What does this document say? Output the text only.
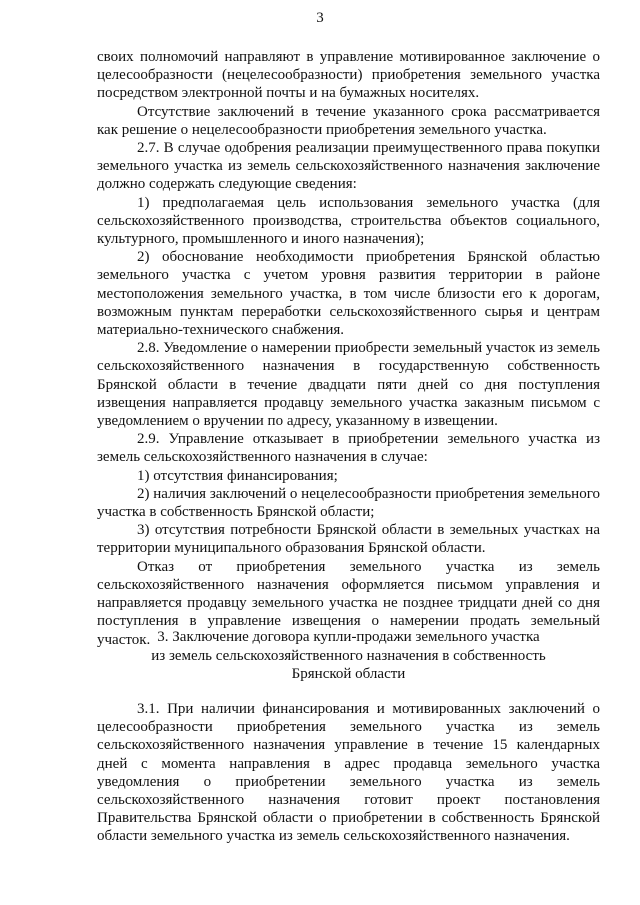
3

своих полномочий направляют в управление мотивированное заключение о целесообразности (нецелесообразности) приобретения земельного участка посредством электронной почты и на бумажных носителях.

Отсутствие заключений в течение указанного срока рассматривается как решение о нецелесообразности приобретения земельного участка.

2.7. В случае одобрения реализации преимущественного права покупки земельного участка из земель сельскохозяйственного назначения заключение должно содержать следующие сведения:

1) предполагаемая цель использования земельного участка (для сельскохозяйственного производства, строительства объектов социального, культурного, промышленного и иного назначения);

2) обоснование необходимости приобретения Брянской областью земельного участка с учетом уровня развития территории в районе местоположения земельного участка, в том числе близости его к дорогам, возможным пунктам переработки сельскохозяйственного сырья и центрам материально-технического снабжения.

2.8. Уведомление о намерении приобрести земельный участок из земель сельскохозяйственного назначения в государственную собственность Брянской области в течение двадцати пяти дней со дня поступления извещения направляется продавцу земельного участка заказным письмом с уведомлением о вручении по адресу, указанному в извещении.

2.9. Управление отказывает в приобретении земельного участка из земель сельскохозяйственного назначения в случае:

1) отсутствия финансирования;

2) наличия заключений о нецелесообразности приобретения земельного участка в собственность Брянской области;

3) отсутствия потребности Брянской области в земельных участках на территории муниципального образования Брянской области.

Отказ от приобретения земельного участка из земель сельскохозяйственного назначения оформляется письмом управления и направляется продавцу земельного участка не позднее тридцати дней со дня поступления в управление извещения о намерении продать земельный участок. 3. Заключение договора купли-продажи земельного участка
из земель сельскохозяйственного назначения в собственность
Брянской области

3.1. При наличии финансирования и мотивированных заключений о целесообразности приобретения земельного участка из земель сельскохозяйственного назначения управление в течение 15 календарных дней с момента направления в адрес продавца земельного участка уведомления о приобретении земельного участка из земель сельскохозяйственного назначения готовит проект постановления Правительства Брянской области о приобретении в собственность Брянской области земельного участка из земель сельскохозяйственного назначения.
